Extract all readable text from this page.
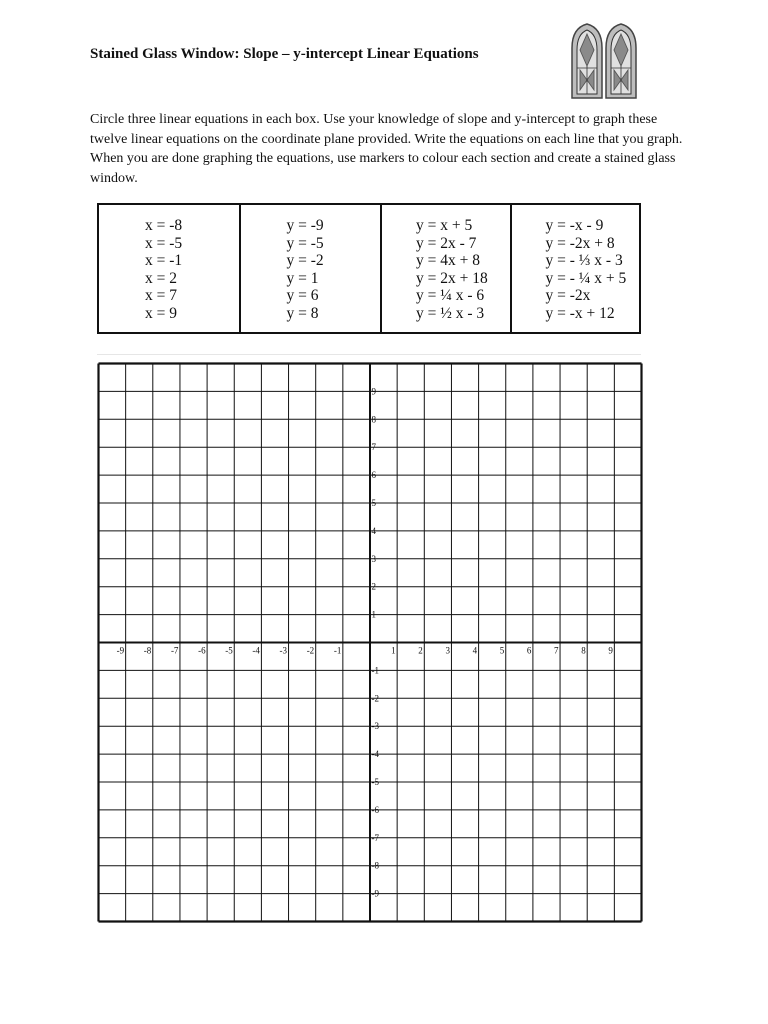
Stained Glass Window: Slope – y-intercept Linear Equations
Circle three linear equations in each box. Use your knowledge of slope and y-intercept to graph these twelve linear equations on the coordinate plane provided. Write the equations on each line that you graph. When you are done graphing the equations, use markers to colour each section and create a stained glass window.
x = -8
x = -5
x = -1
x = 2
x = 7
x = 9
y = -9
y = -5
y = -2
y = 1
y = 6
y = 8
y = x + 5
y = 2x - 7
y = 4x + 8
y = 2x + 18
y = ¼ x - 6
y = ½ x - 3
y = -x - 9
y = -2x + 8
y = - ⅓ x - 3
y = - ¼ x + 5
y = -2x
y = -x + 12
-9 -8 -7 -6 -5 -4 -3 -2 -1	1	2	3	4	5	6	7	8	9
9
8
7
6
5
4
3
2
1
-1
-2
-3
-4
-5
-6
-7
-8
-9
